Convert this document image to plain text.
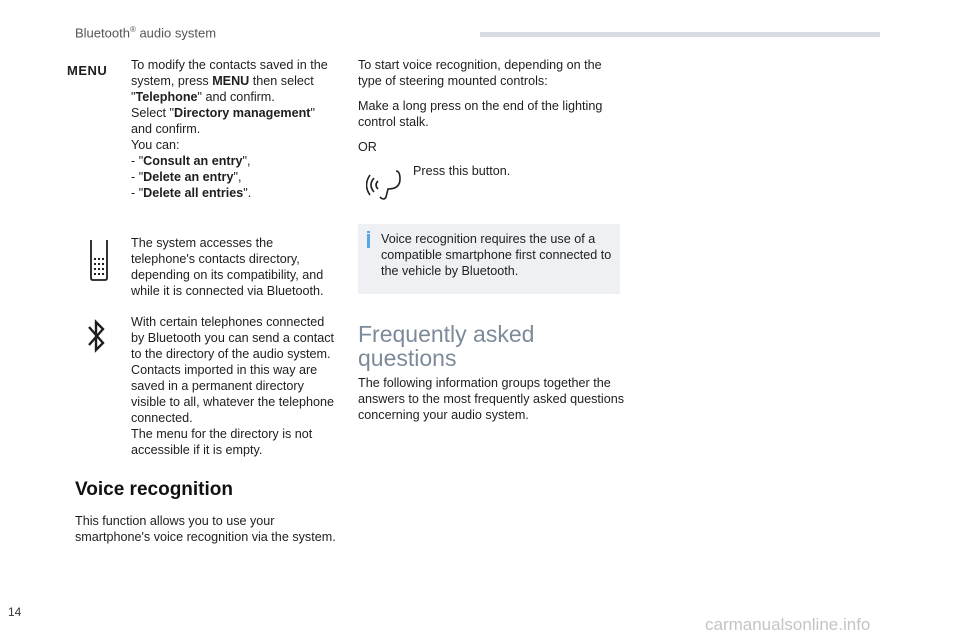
Bluetooth® audio system
MENU To modify the contacts saved in the
system, press MENU then select
"Telephone" and confirm.
Select "Directory management"
and confirm.
You can:
- "Consult an entry",
- "Delete an entry",
- "Delete all entries".
The system accesses the
telephone's contacts directory,
depending on its compatibility, and
while it is connected via Bluetooth.
With certain telephones connected
by Bluetooth you can send a contact
to the directory of the audio system.
Contacts imported in this way are
saved in a permanent directory
visible to all, whatever the telephone
connected.
The menu for the directory is not
accessible if it is empty.
Voice recognition
This function allows you to use your
smartphone's voice recognition via the system.
To start voice recognition, depending on the
type of steering mounted controls:
Make a long press on the end of the lighting
control stalk.
OR
Press this button.
Voice recognition requires the use of a
compatible smartphone first connected to
the vehicle by Bluetooth.
Frequently asked
questions
The following information groups together the
answers to the most frequently asked questions
concerning your audio system.
14
carmanualsonline.info
